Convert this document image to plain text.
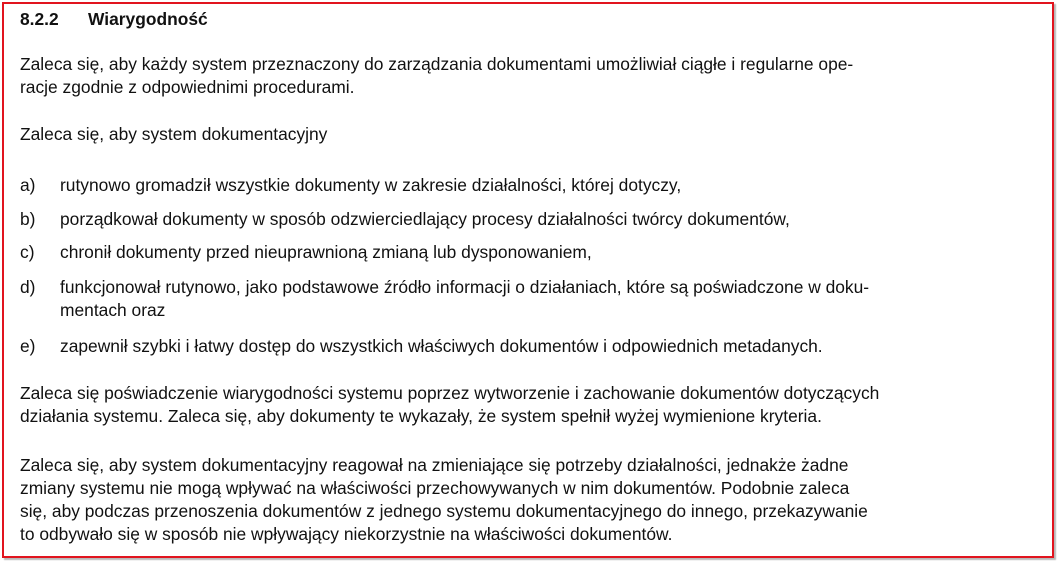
8.2.2 Wiarygodność
Zaleca się, aby każdy system przeznaczony do zarządzania dokumentami umożliwiał ciągłe i regularne ope-
racje zgodnie z odpowiednimi procedurami.
Zaleca się, aby system dokumentacyjny
a) rutynowo gromadził wszystkie dokumenty w zakresie działalności, której dotyczy,
b) porządkował dokumenty w sposób odzwierciedlający procesy działalności twórcy dokumentów,
c) chronił dokumenty przed nieuprawnioną zmianą lub dysponowaniem,
d) funkcjonował rutynowo, jako podstawowe źródło informacji o działaniach, które są poświadczone w doku-
mentach oraz
e) zapewnił szybki i łatwy dostęp do wszystkich właściwych dokumentów i odpowiednich metadanych.
Zaleca się poświadczenie wiarygodności systemu poprzez wytworzenie i zachowanie dokumentów dotyczących
działania systemu. Zaleca się, aby dokumenty te wykazały, że system spełnił wyżej wymienione kryteria.
Zaleca się, aby system dokumentacyjny reagował na zmieniające się potrzeby działalności, jednakże żadne
zmiany systemu nie mogą wpływać na właściwości przechowywanych w nim dokumentów. Podobnie zaleca
się, aby podczas przenoszenia dokumentów z jednego systemu dokumentacyjnego do innego, przekazywanie
to odbywało się w sposób nie wpływający niekorzystnie na właściwości dokumentów.
